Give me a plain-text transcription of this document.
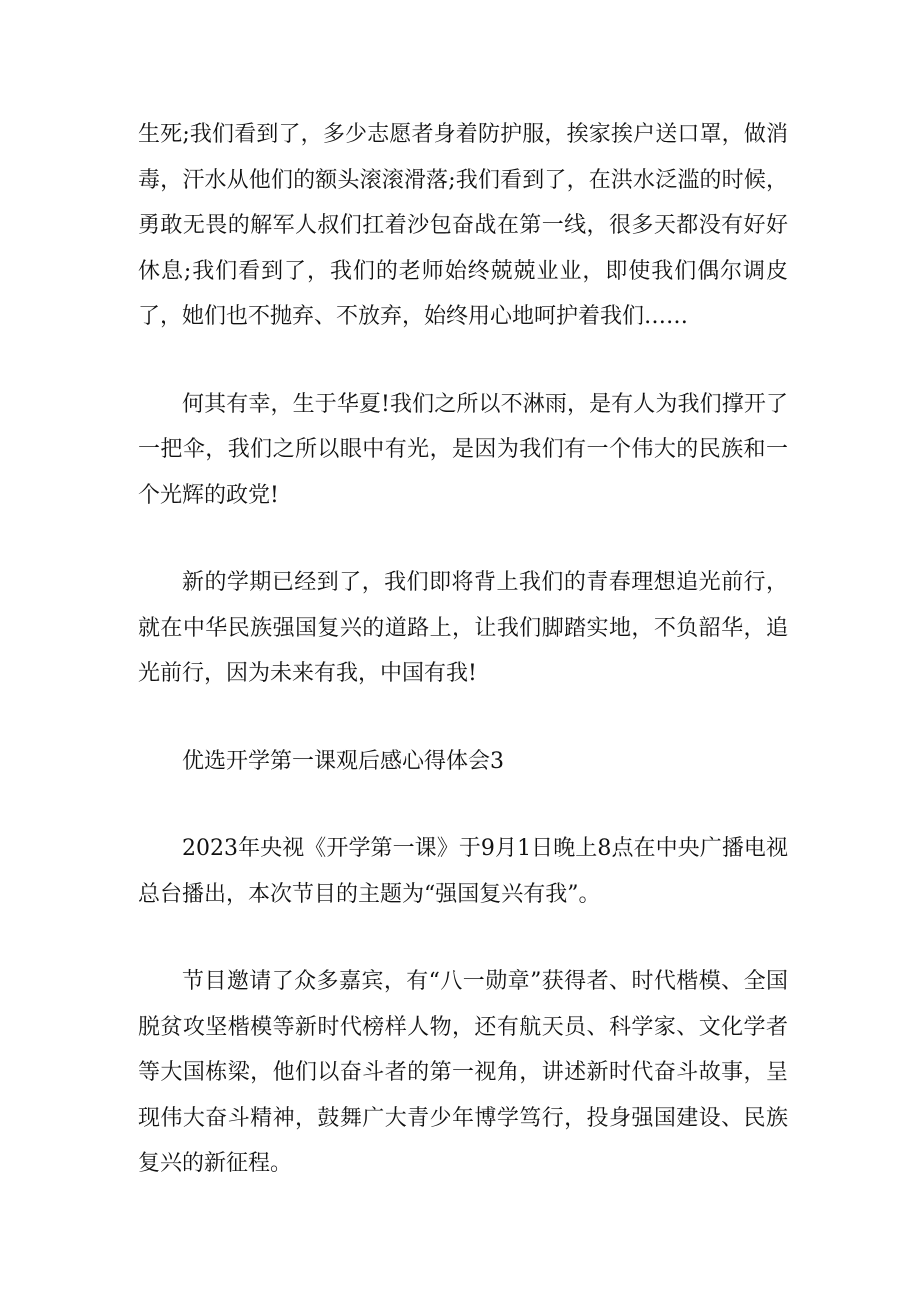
生死;我们看到了，多少志愿者身着防护服，挨家挨户送口罩，做消毒，汗水从他们的额头滚滚滑落;我们看到了，在洪水泛滥的时候，勇敢无畏的解军人叔们扛着沙包奋战在第一线，很多天都没有好好休息;我们看到了，我们的老师始终兢兢业业，即使我们偶尔调皮了，她们也不抛弃、不放弃，始终用心地呵护着我们……

何其有幸，生于华夏!我们之所以不淋雨，是有人为我们撑开了一把伞，我们之所以眼中有光，是因为我们有一个伟大的民族和一个光辉的政党!

新的学期已经到了，我们即将背上我们的青春理想追光前行，就在中华民族强国复兴的道路上，让我们脚踏实地，不负韶华，追光前行，因为未来有我，中国有我!

优选开学第一课观后感心得体会3

2023年央视《开学第一课》于9月1日晚上8点在中央广播电视总台播出，本次节目的主题为“强国复兴有我”。

节目邀请了众多嘉宾，有“八一勋章”获得者、时代楷模、全国脱贫攻坚楷模等新时代榜样人物，还有航天员、科学家、文化学者等大国栋梁，他们以奋斗者的第一视角，讲述新时代奋斗故事，呈现伟大奋斗精神，鼓舞广大青少年博学笃行，投身强国建设、民族复兴的新征程。
